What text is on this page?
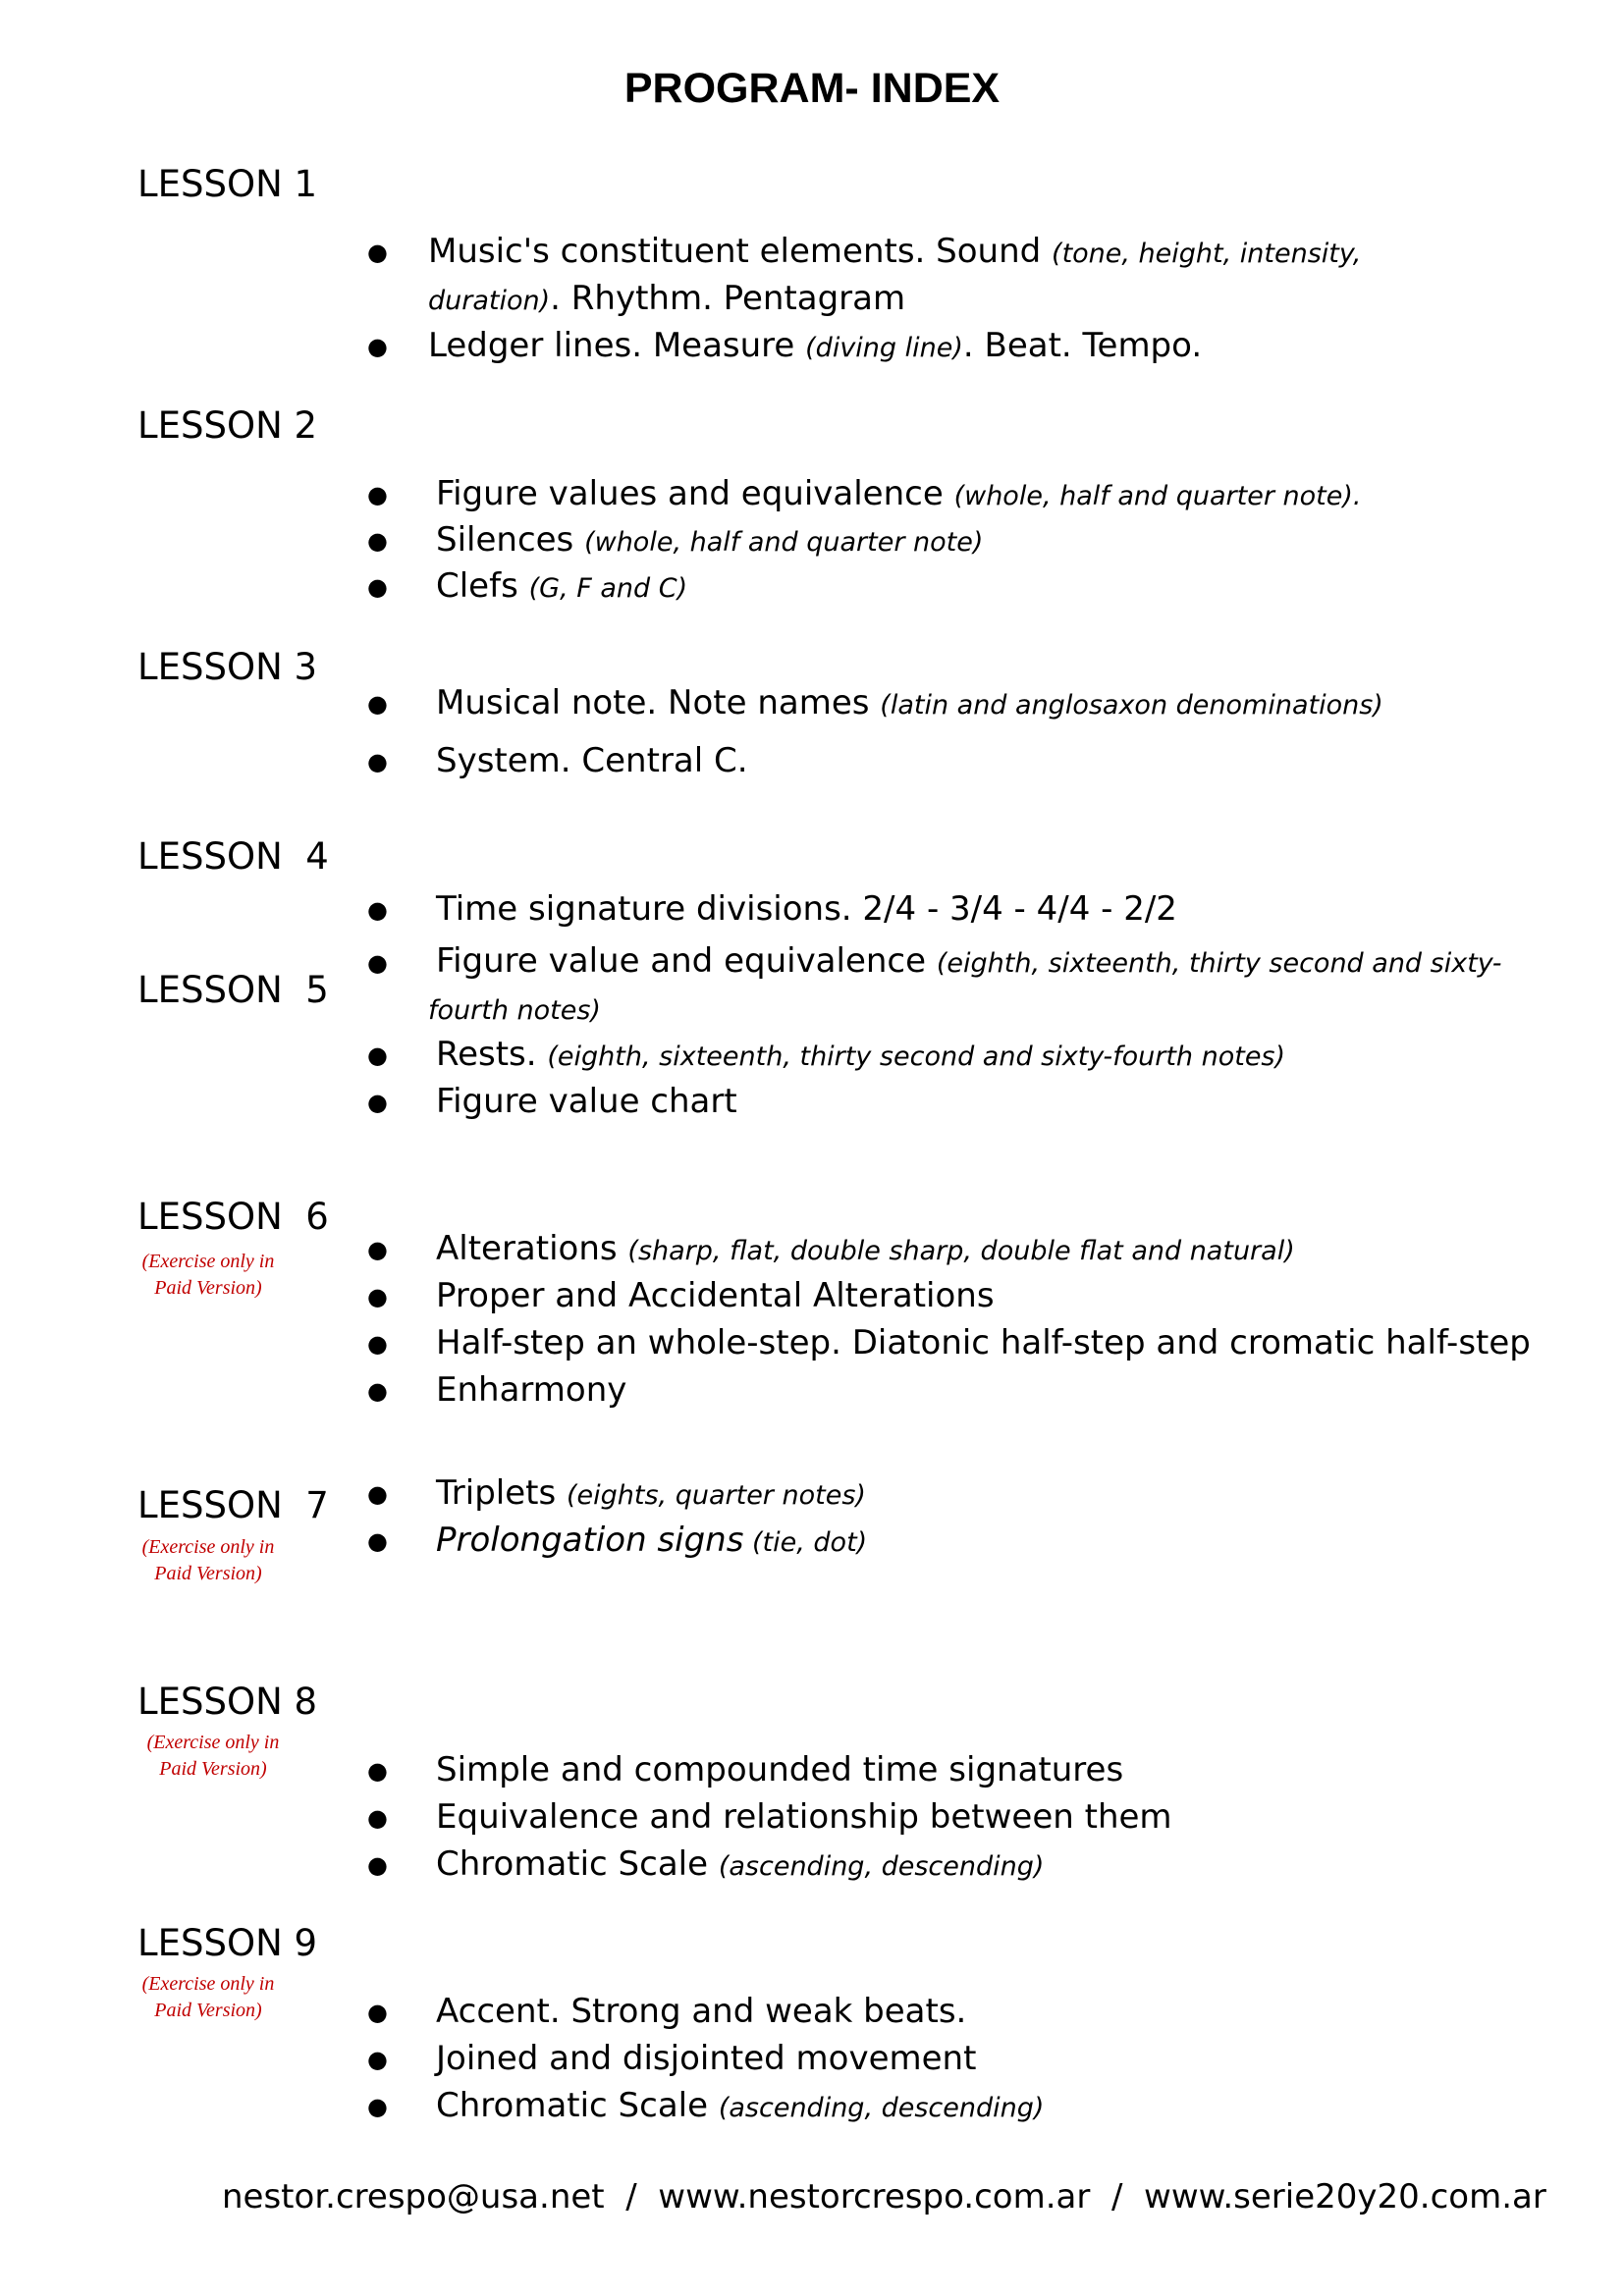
PROGRAM- INDEX
LESSON 1
LESSON 2
LESSON 3
LESSON  4
LESSON  5
LESSON  6
LESSON  7
LESSON 8
LESSON 9
(Exercise only in
Paid Version)
(Exercise only in
Paid Version)
(Exercise only in
Paid Version)
(Exercise only in
Paid Version)
● Music's constituent elements. Sound (tone, height, intensity,
duration). Rhythm. Pentagram
● Ledger lines. Measure (diving line). Beat. Tempo.
● Figure values and equivalence (whole, half and quarter note).
● Silences (whole, half and quarter note)
● Clefs (G, F and C)
● Musical note. Note names (latin and anglosaxon denominations)
● System. Central C.
● Time signature divisions. 2/4 - 3/4 - 4/4 - 2/2
● Figure value and equivalence (eighth, sixteenth, thirty second and sixty-
fourth notes)
● Rests. (eighth, sixteenth, thirty second and sixty-fourth notes)
● Figure value chart
● Alterations (sharp, flat, double sharp, double flat and natural)
● Proper and Accidental Alterations
● Half-step an whole-step. Diatonic half-step and cromatic half-step
● Enharmony
● Triplets (eights, quarter notes)
● Prolongation signs (tie, dot)
● Simple and compounded time signatures
● Equivalence and relationship between them
● Chromatic Scale (ascending, descending)
● Accent. Strong and weak beats.
● Joined and disjointed movement
● Chromatic Scale (ascending, descending)
nestor.crespo@usa.net  /  www.nestorcrespo.com.ar  /  www.serie20y20.com.ar
